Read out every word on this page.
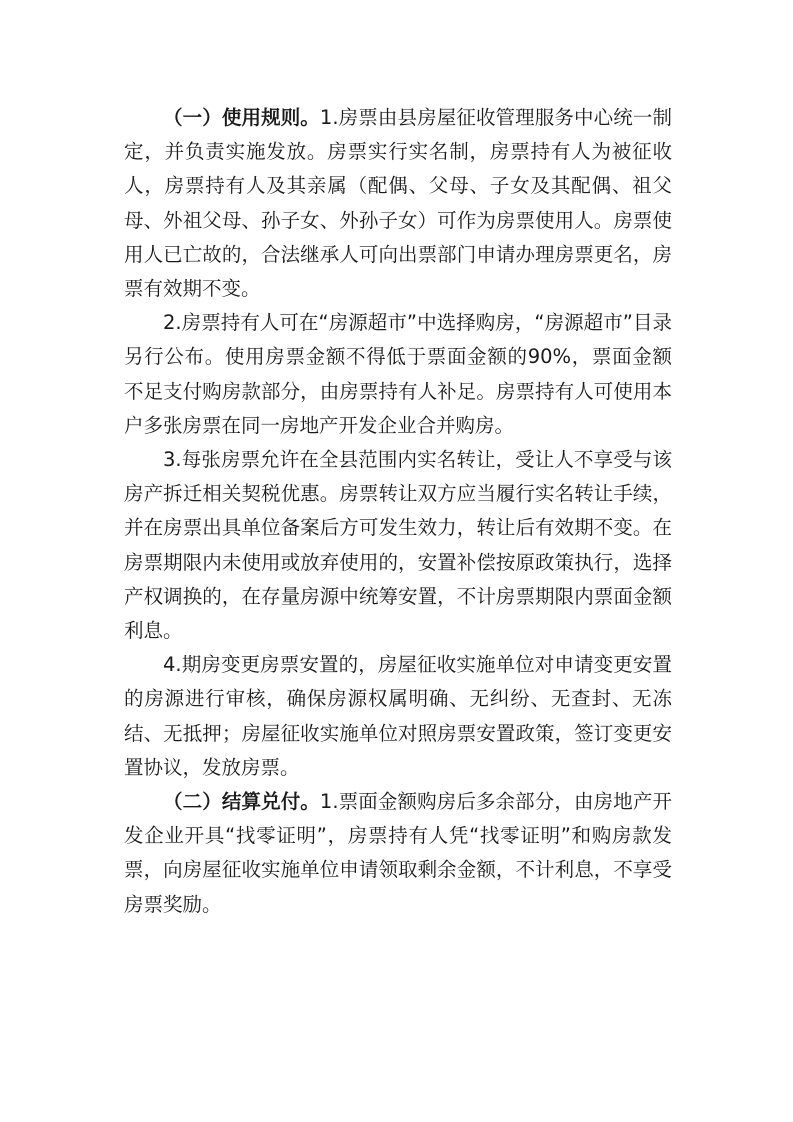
（一）使用规则。1.房票由县房屋征收管理服务中心统一制定，并负责实施发放。房票实行实名制，房票持有人为被征收人，房票持有人及其亲属（配偶、父母、子女及其配偶、祖父母、外祖父母、孙子女、外孙子女）可作为房票使用人。房票使用人已亡故的，合法继承人可向出票部门申请办理房票更名，房票有效期不变。

2.房票持有人可在“房源超市”中选择购房，“房源超市”目录另行公布。使用房票金额不得低于票面金额的90%，票面金额不足支付购房款部分，由房票持有人补足。房票持有人可使用本户多张房票在同一房地产开发企业合并购房。

3.每张房票允许在全县范围内实名转让，受让人不享受与该房产拆迁相关契税优惠。房票转让双方应当履行实名转让手续，并在房票出具单位备案后方可发生效力，转让后有效期不变。在房票期限内未使用或放弃使用的，安置补偿按原政策执行，选择产权调换的，在存量房源中统筹安置，不计房票期限内票面金额利息。

4.期房变更房票安置的，房屋征收实施单位对申请变更安置的房源进行审核，确保房源权属明确、无纠纷、无查封、无冻结、无抵押；房屋征收实施单位对照房票安置政策，签订变更安置协议，发放房票。

（二）结算兑付。1.票面金额购房后多余部分，由房地产开发企业开具“找零证明”，房票持有人凭“找零证明”和购房款发票，向房屋征收实施单位申请领取剩余金额，不计利息，不享受房票奖励。
